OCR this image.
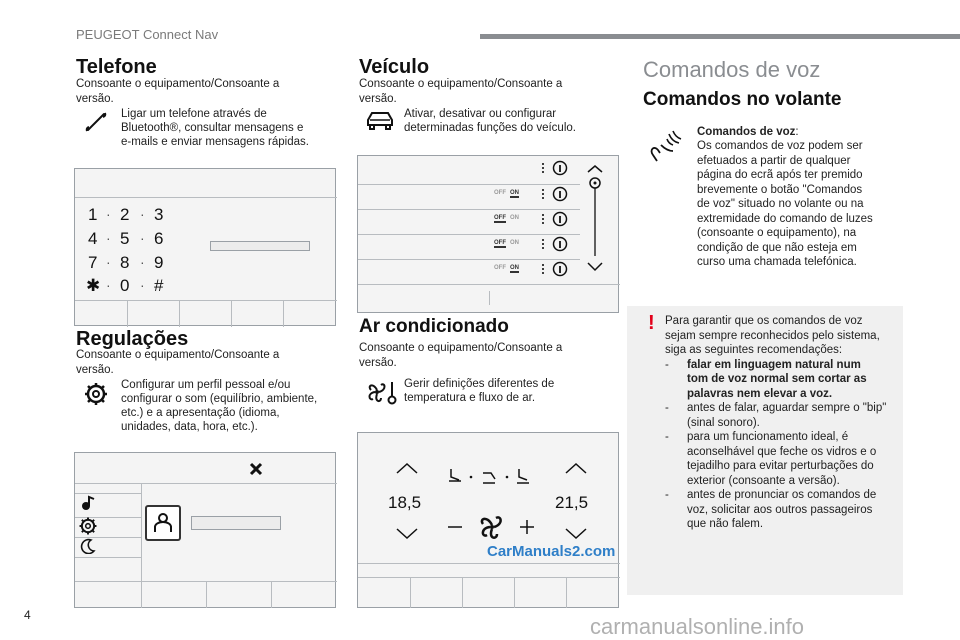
PEUGEOT Connect Nav
Telefone
Consoante o equipamento/Consoante a versão.
Ligar um telefone através de
Bluetooth®, consultar mensagens e
e-mails e enviar mensagens rápidas.
1 2 3
4 5 6
7 8 9
✱ 0 #
· ·
· ·
· ·
· ·
Regulações
Consoante o equipamento/Consoante a versão.
Configurar um perfil pessoal e/ou
configurar o som (equilíbrio, ambiente,
etc.) e a apresentação (idioma,
unidades, data, hora, etc.).
Veículo
Consoante o equipamento/Consoante a versão.
Ativar, desativar ou configurar
determinadas funções do veículo.
OFF ON
OFF ON
OFF ON
OFF ON
Ar condicionado
Consoante o equipamento/Consoante a versão.
Gerir definições diferentes de
temperatura e fluxo de ar.
18,5	21,5
CarManuals2.com
Comandos de voz
Comandos no volante
Comandos de voz:
Os comandos de voz podem ser
efetuados a partir de qualquer
página do ecrã após ter premido
brevemente o botão "Comandos
de voz" situado no volante ou na
extremidade do comando de luzes
(consoante o equipamento), na
condição de que não esteja em
curso uma chamada telefónica.
! Para garantir que os comandos de voz
sejam sempre reconhecidos pelo sistema,
siga as seguintes recomendações:
-	falar em linguagem natural num
tom de voz normal sem cortar as
palavras nem elevar a voz.
-	antes de falar, aguardar sempre o "bip"
(sinal sonoro).
-	para um funcionamento ideal, é
aconselhável que feche os vidros e o
tejadilho para evitar perturbações do
exterior (consoante a versão).
-	antes de pronunciar os comandos de
voz, solicitar aos outros passageiros
que não falem.
4	carmanualsonline.info
